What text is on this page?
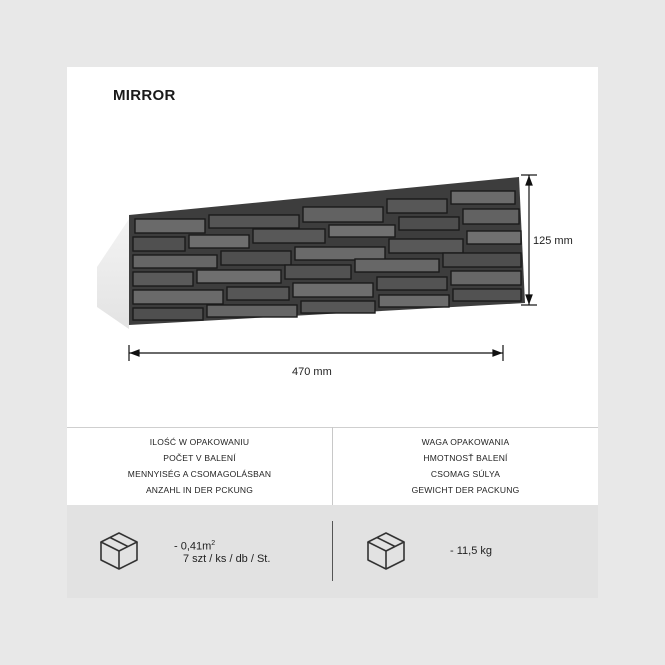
MIRROR
125 mm
470 mm
ILOŚĆ W OPAKOWANIU
POČET V BALENÍ
MENNYISÉG A CSOMAGOLÁSBAN
ANZAHL IN DER PCKUNG
WAGA OPAKOWANIA
HMOTNOSŤ BALENÍ
CSOMAG SÚLYA
GEWICHT DER PACKUNG
- $0,41m^2$
7 szt / ks / db / St.
- 11,5 kg
